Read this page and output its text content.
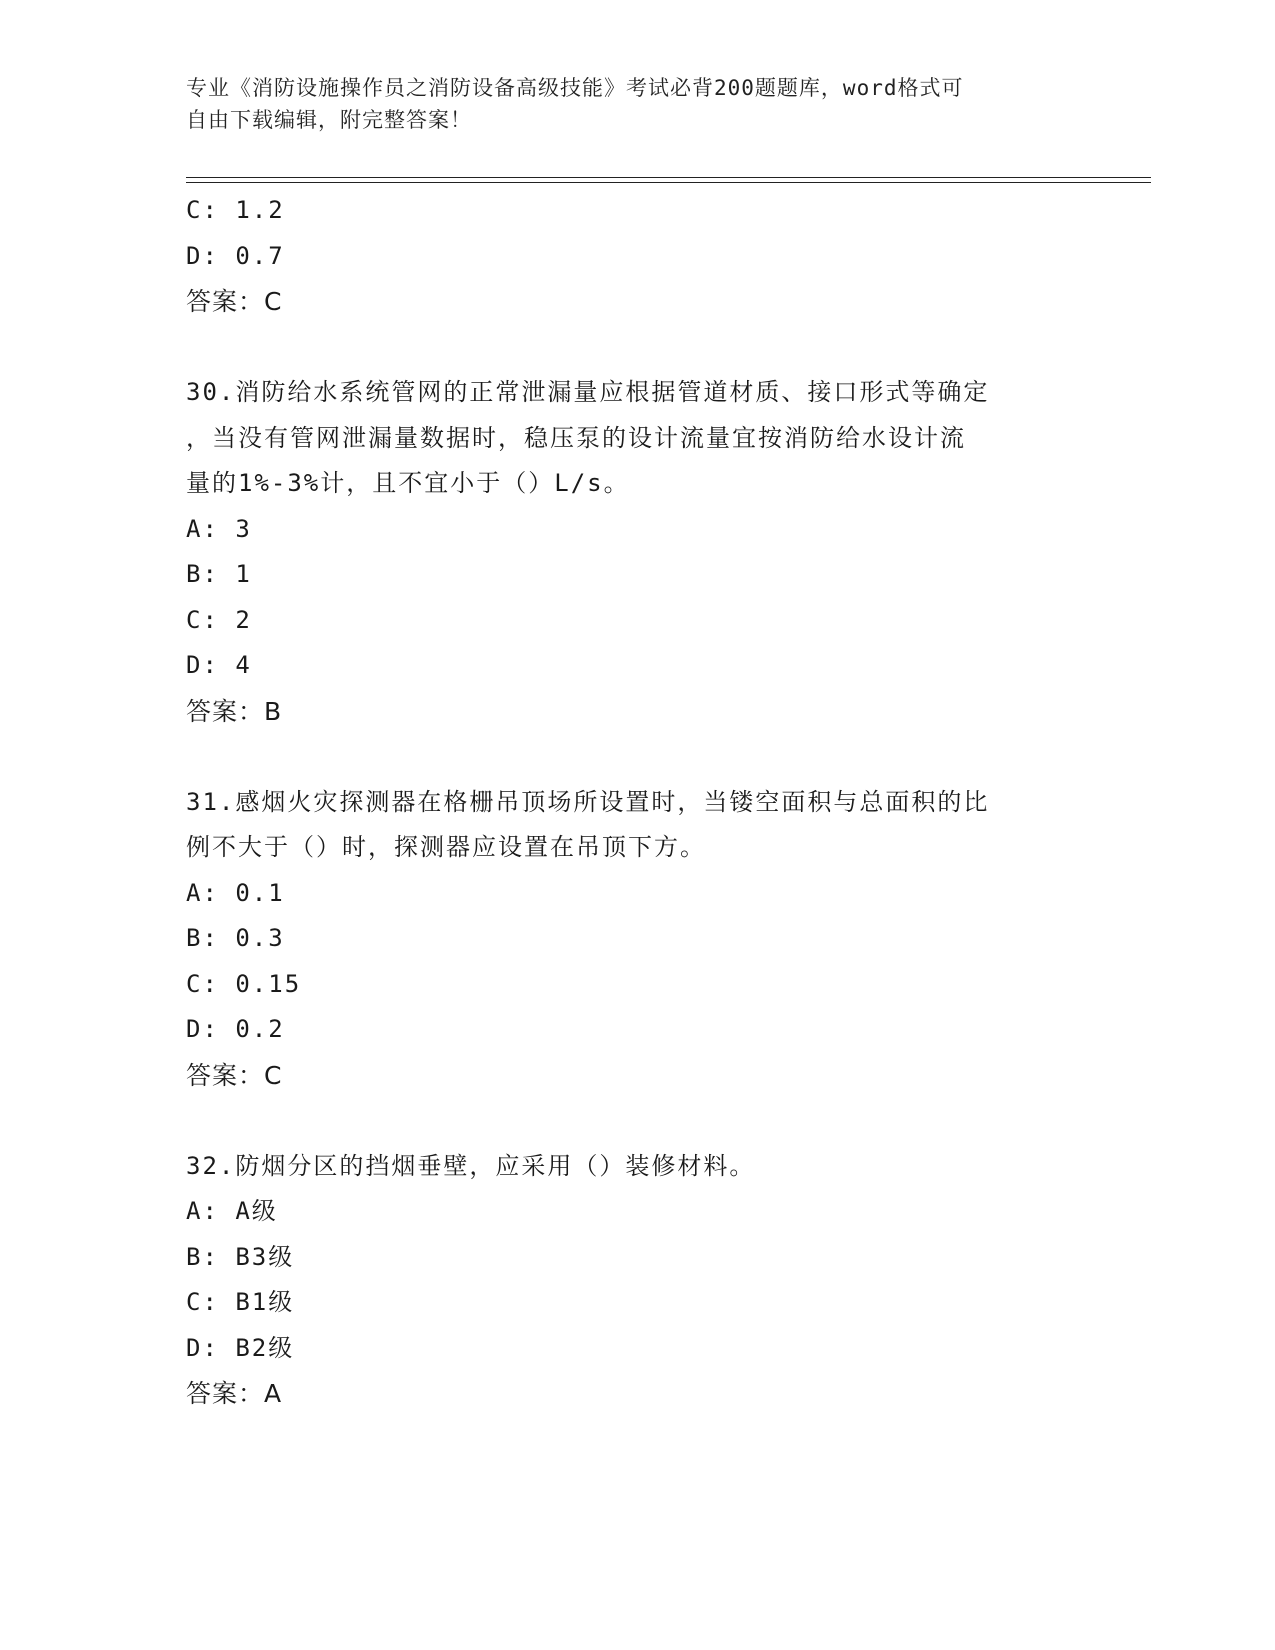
专业《消防设施操作员之消防设备高级技能》考试必背200题题库，word格式可
自由下载编辑，附完整答案！
C: 1.2
D: 0.7
答案：C
30.消防给水系统管网的正常泄漏量应根据管道材质、接口形式等确定
，当没有管网泄漏量数据时，稳压泵的设计流量宜按消防给水设计流
量的1%-3%计，且不宜小于（）L/s。
A: 3
B: 1
C: 2
D: 4
答案：B
31.感烟火灾探测器在格栅吊顶场所设置时，当镂空面积与总面积的比
例不大于（）时，探测器应设置在吊顶下方。
A: 0.1
B: 0.3
C: 0.15
D: 0.2
答案：C
32.防烟分区的挡烟垂壁，应采用（）装修材料。
A: A级
B: B3级
C: B1级
D: B2级
答案：A
